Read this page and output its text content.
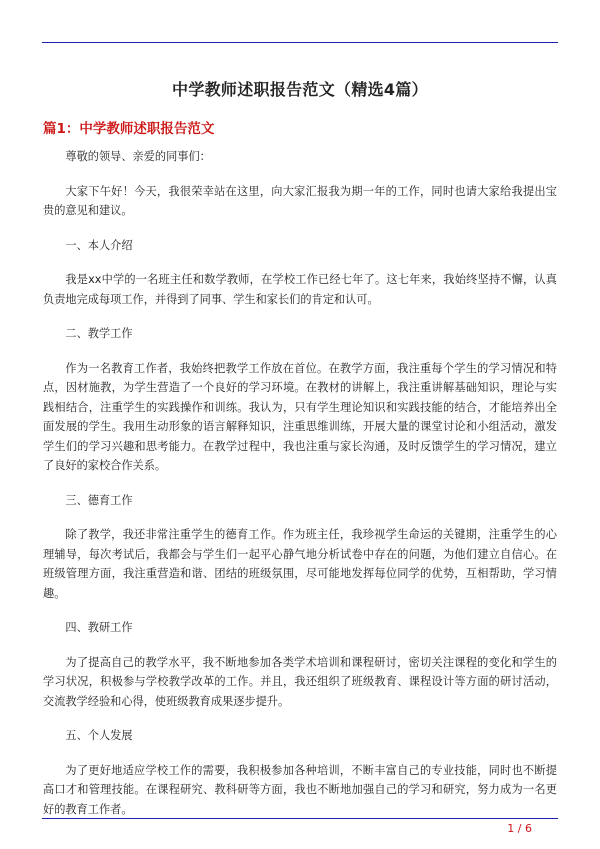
中学教师述职报告范文（精选4篇）
篇1：中学教师述职报告范文

尊敬的领导、亲爱的同事们：

大家下午好！今天，我很荣幸站在这里，向大家汇报我为期一年的工作，同时也请大家给我提出宝贵的意见和建议。

一、本人介绍

我是xx中学的一名班主任和数学教师，在学校工作已经七年了。这七年来，我始终坚持不懈，认真负责地完成每项工作，并得到了同事、学生和家长们的肯定和认可。

二、教学工作

作为一名教育工作者，我始终把教学工作放在首位。在教学方面，我注重每个学生的学习情况和特点，因材施教，为学生营造了一个良好的学习环境。在教材的讲解上，我注重讲解基础知识，理论与实践相结合，注重学生的实践操作和训练。我认为，只有学生理论知识和实践技能的结合，才能培养出全面发展的学生。我用生动形象的语言解释知识，注重思维训练，开展大量的课堂讨论和小组活动，激发学生们的学习兴趣和思考能力。在教学过程中，我也注重与家长沟通，及时反馈学生的学习情况，建立了良好的家校合作关系。

三、德育工作

除了教学，我还非常注重学生的德育工作。作为班主任，我珍视学生命运的关键期，注重学生的心理辅导，每次考试后，我都会与学生们一起平心静气地分析试卷中存在的问题，为他们建立自信心。在班级管理方面，我注重营造和谐、团结的班级氛围，尽可能地发挥每位同学的优势，互相帮助，学习情趣。

四、教研工作

为了提高自己的教学水平，我不断地参加各类学术培训和课程研讨，密切关注课程的变化和学生的学习状况，积极参与学校教学改革的工作。并且，我还组织了班级教育、课程设计等方面的研讨活动，交流教学经验和心得，使班级教育成果逐步提升。

五、个人发展

为了更好地适应学校工作的需要，我积极参加各种培训，不断丰富自己的专业技能，同时也不断提高口才和管理技能。在课程研究、教科研等方面，我也不断地加强自己的学习和研究，努力成为一名更好的教育工作者。

1 / 6
